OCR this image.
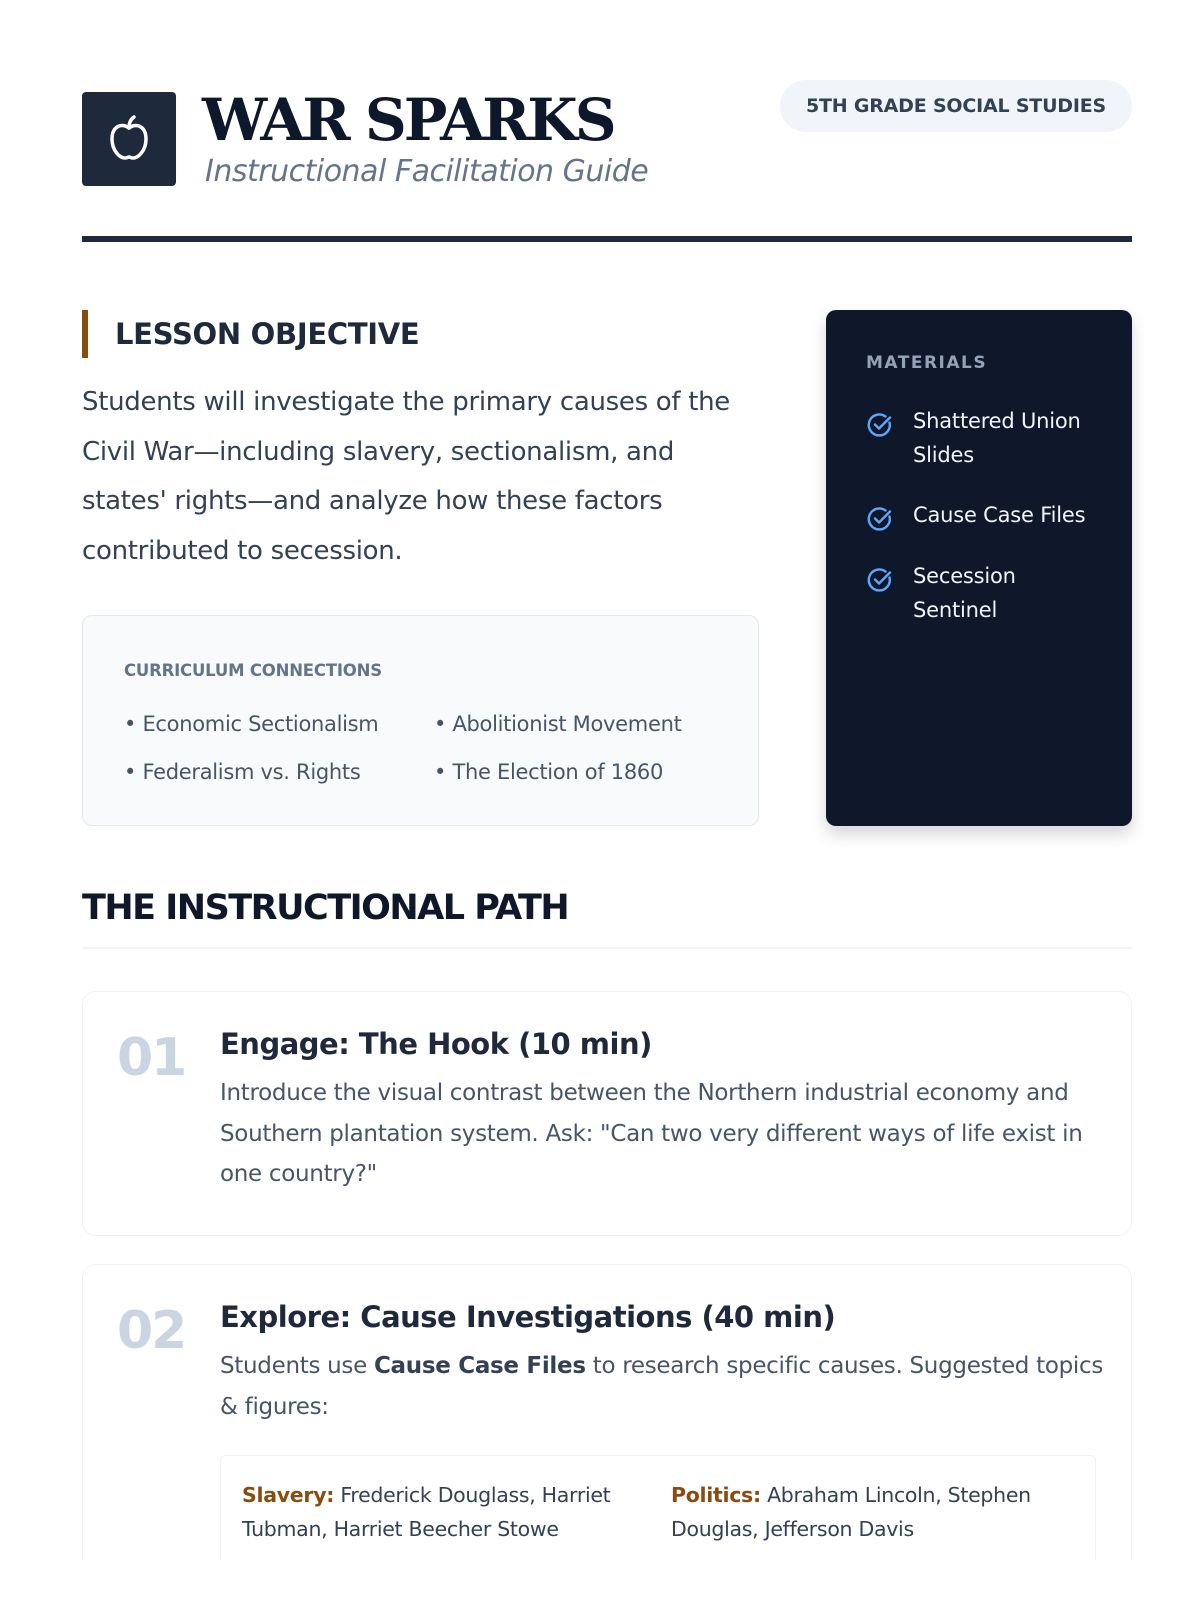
WAR SPARKS
Instructional Facilitation Guide
5TH GRADE SOCIAL STUDIES
LESSON OBJECTIVE
Students will investigate the primary causes of the Civil War—including slavery, sectionalism, and states' rights—and analyze how these factors contributed to secession.
CURRICULUM CONNECTIONS
• Economic Sectionalism	• Abolitionist Movement
• Federalism vs. Rights	• The Election of 1860
MATERIALS
Shattered Union Slides
Cause Case Files
Secession Sentinel
THE INSTRUCTIONAL PATH
01 Engage: The Hook (10 min)
Introduce the visual contrast between the Northern industrial economy and Southern plantation system. Ask: "Can two very different ways of life exist in one country?"
02 Explore: Cause Investigations (40 min)
Students use Cause Case Files to research specific causes. Suggested topics & figures:
Slavery: Frederick Douglass, Harriet Tubman, Harriet Beecher Stowe
Politics: Abraham Lincoln, Stephen Douglas, Jefferson Davis
